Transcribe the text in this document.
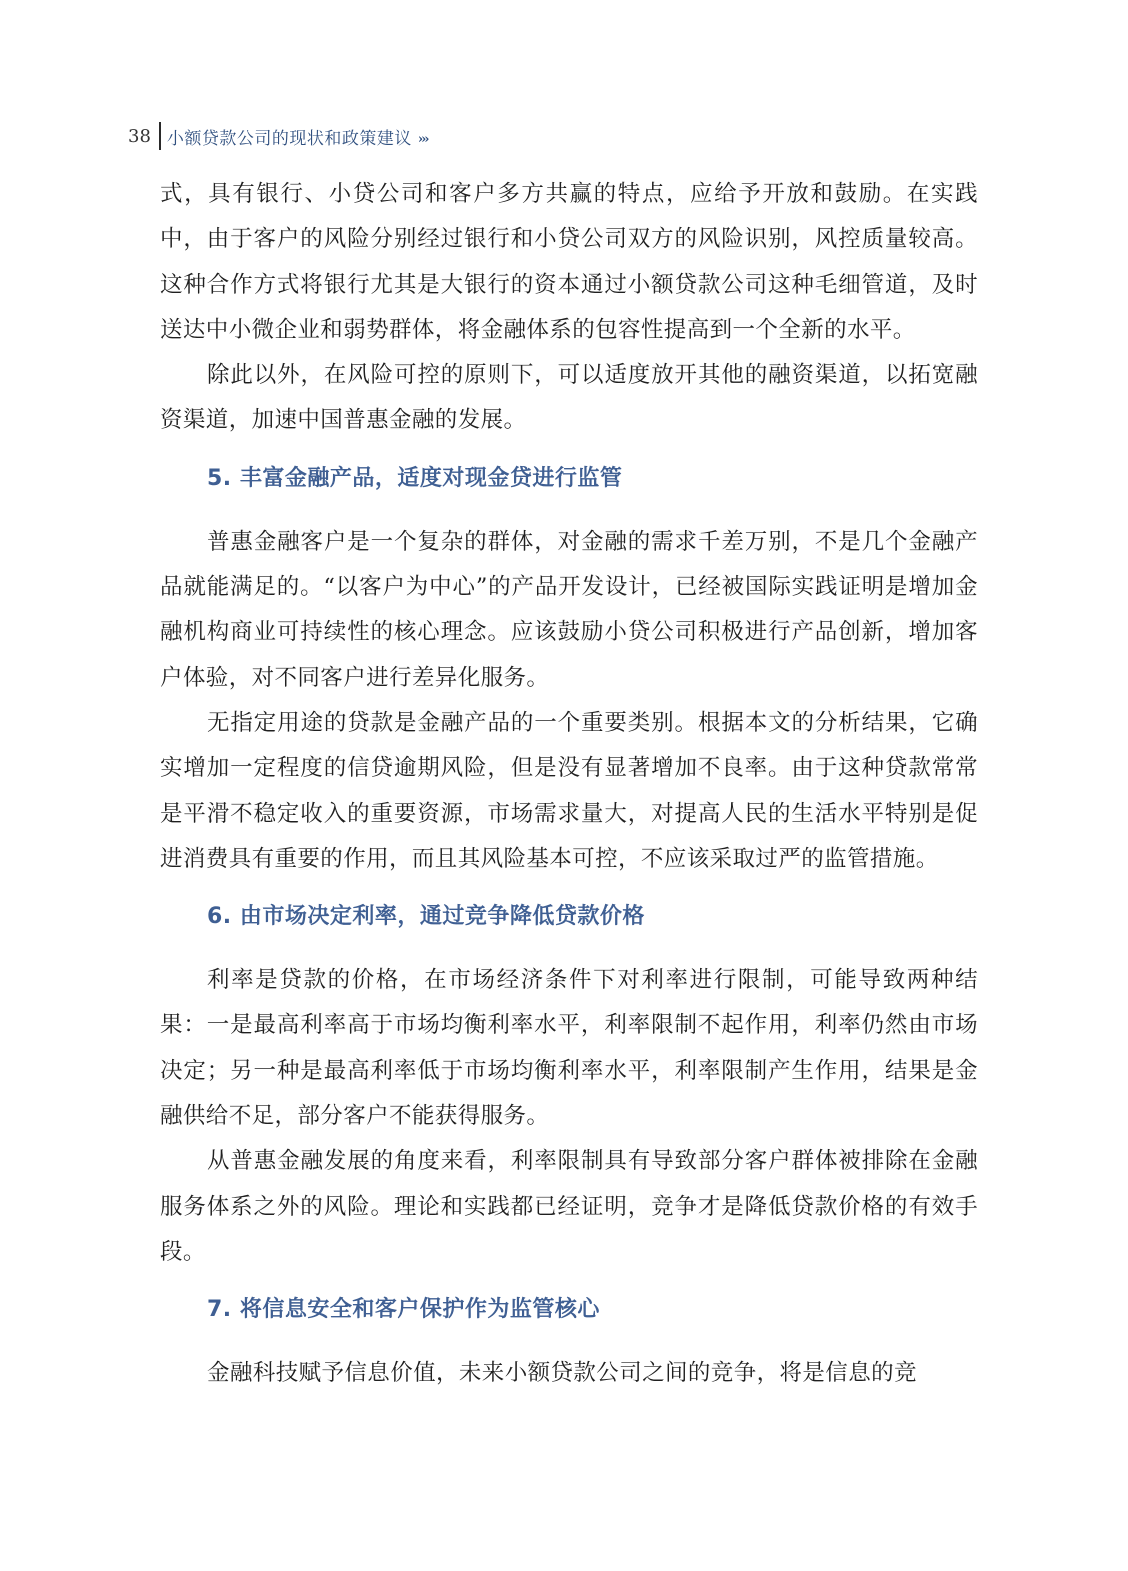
38 小额贷款公司的现状和政策建议 ›››

式，具有银行、小贷公司和客户多方共赢的特点，应给予开放和鼓励。在实践中，由于客户的风险分别经过银行和小贷公司双方的风险识别，风控质量较高。这种合作方式将银行尤其是大银行的资本通过小额贷款公司这种毛细管道，及时送达中小微企业和弱势群体，将金融体系的包容性提高到一个全新的水平。

除此以外，在风险可控的原则下，可以适度放开其他的融资渠道，以拓宽融资渠道，加速中国普惠金融的发展。

5. 丰富金融产品，适度对现金贷进行监管

普惠金融客户是一个复杂的群体，对金融的需求千差万别，不是几个金融产品就能满足的。“以客户为中心”的产品开发设计，已经被国际实践证明是增加金融机构商业可持续性的核心理念。应该鼓励小贷公司积极进行产品创新，增加客户体验，对不同客户进行差异化服务。

无指定用途的贷款是金融产品的一个重要类别。根据本文的分析结果，它确实增加一定程度的信贷逾期风险，但是没有显著增加不良率。由于这种贷款常常是平滑不稳定收入的重要资源，市场需求量大，对提高人民的生活水平特别是促进消费具有重要的作用，而且其风险基本可控，不应该采取过严的监管措施。

6. 由市场决定利率，通过竞争降低贷款价格

利率是贷款的价格，在市场经济条件下对利率进行限制，可能导致两种结果：一是最高利率高于市场均衡利率水平，利率限制不起作用，利率仍然由市场决定；另一种是最高利率低于市场均衡利率水平，利率限制产生作用，结果是金融供给不足，部分客户不能获得服务。

从普惠金融发展的角度来看，利率限制具有导致部分客户群体被排除在金融服务体系之外的风险。理论和实践都已经证明，竞争才是降低贷款价格的有效手段。

7. 将信息安全和客户保护作为监管核心

金融科技赋予信息价值，未来小额贷款公司之间的竞争，将是信息的竞
